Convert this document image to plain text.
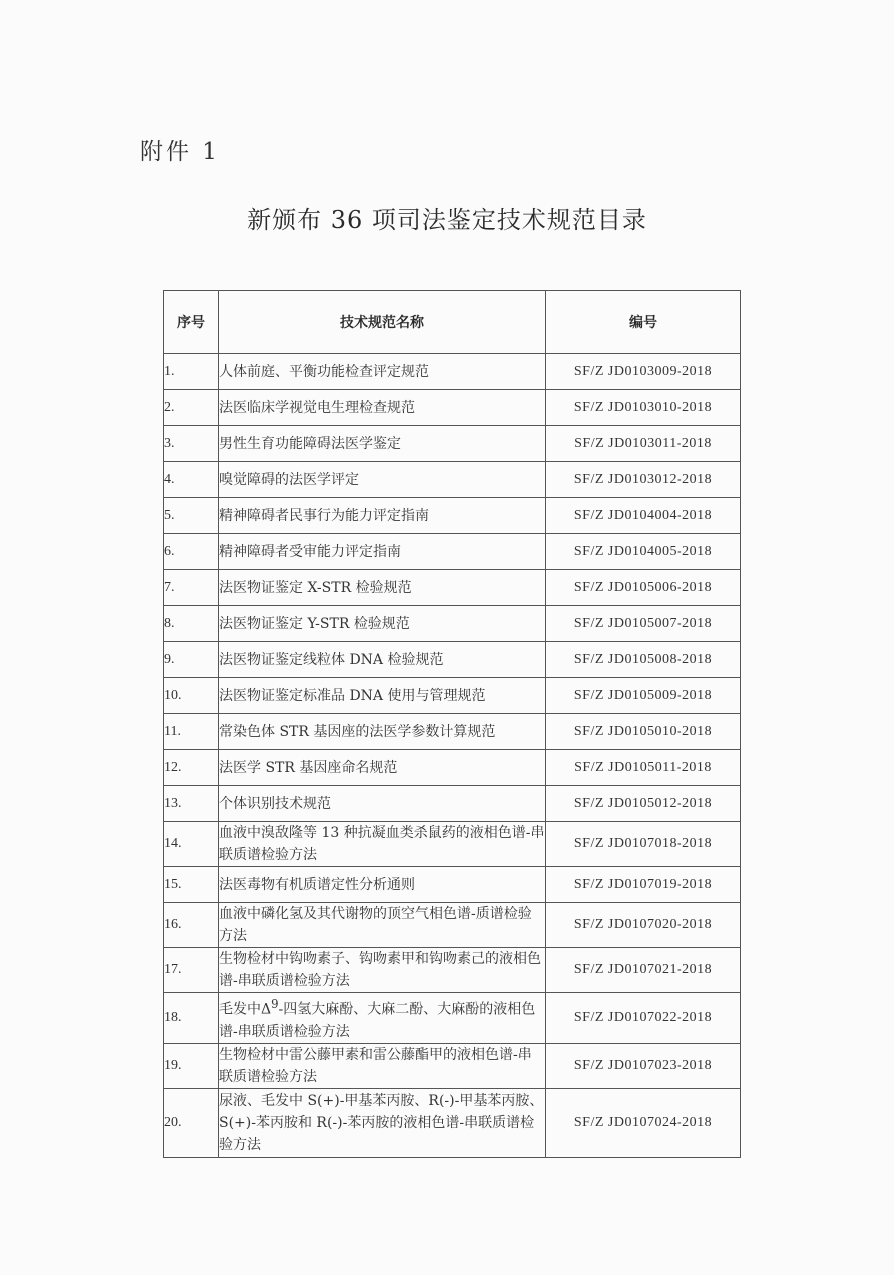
附件 1
新颁布 36 项司法鉴定技术规范目录
序号	技术规范名称	编号
1.	人体前庭、平衡功能检查评定规范	SF/Z JD0103009-2018
2.	法医临床学视觉电生理检查规范	SF/Z JD0103010-2018
3.	男性生育功能障碍法医学鉴定	SF/Z JD0103011-2018
4.	嗅觉障碍的法医学评定	SF/Z JD0103012-2018
5.	精神障碍者民事行为能力评定指南	SF/Z JD0104004-2018
6.	精神障碍者受审能力评定指南	SF/Z JD0104005-2018
7.	法医物证鉴定 X-STR 检验规范	SF/Z JD0105006-2018
8.	法医物证鉴定 Y-STR 检验规范	SF/Z JD0105007-2018
9.	法医物证鉴定线粒体 DNA 检验规范	SF/Z JD0105008-2018
10.	法医物证鉴定标准品 DNA 使用与管理规范	SF/Z JD0105009-2018
11.	常染色体 STR 基因座的法医学参数计算规范	SF/Z JD0105010-2018
12.	法医学 STR 基因座命名规范	SF/Z JD0105011-2018
13.	个体识别技术规范	SF/Z JD0105012-2018
14.	血液中溴敌隆等 13 种抗凝血类杀鼠药的液相色谱-串联质谱检验方法	SF/Z JD0107018-2018
15.	法医毒物有机质谱定性分析通则	SF/Z JD0107019-2018
16.	血液中磷化氢及其代谢物的顶空气相色谱-质谱检验方法	SF/Z JD0107020-2018
17.	生物检材中钩吻素子、钩吻素甲和钩吻素己的液相色谱-串联质谱检验方法	SF/Z JD0107021-2018
18.	毛发中$\Delta^9-$四氢大麻酚、大麻二酚、大麻酚的液相色谱-串联质谱检验方法	SF/Z JD0107022-2018
19.	生物检材中雷公藤甲素和雷公藤酯甲的液相色谱-串联质谱检验方法	SF/Z JD0107023-2018
20.	尿液、毛发中 S(+)-甲基苯丙胺、R(-)-甲基苯丙胺、S(+)-苯丙胺和 R(-)-苯丙胺的液相色谱-串联质谱检验方法	SF/Z JD0107024-2018
